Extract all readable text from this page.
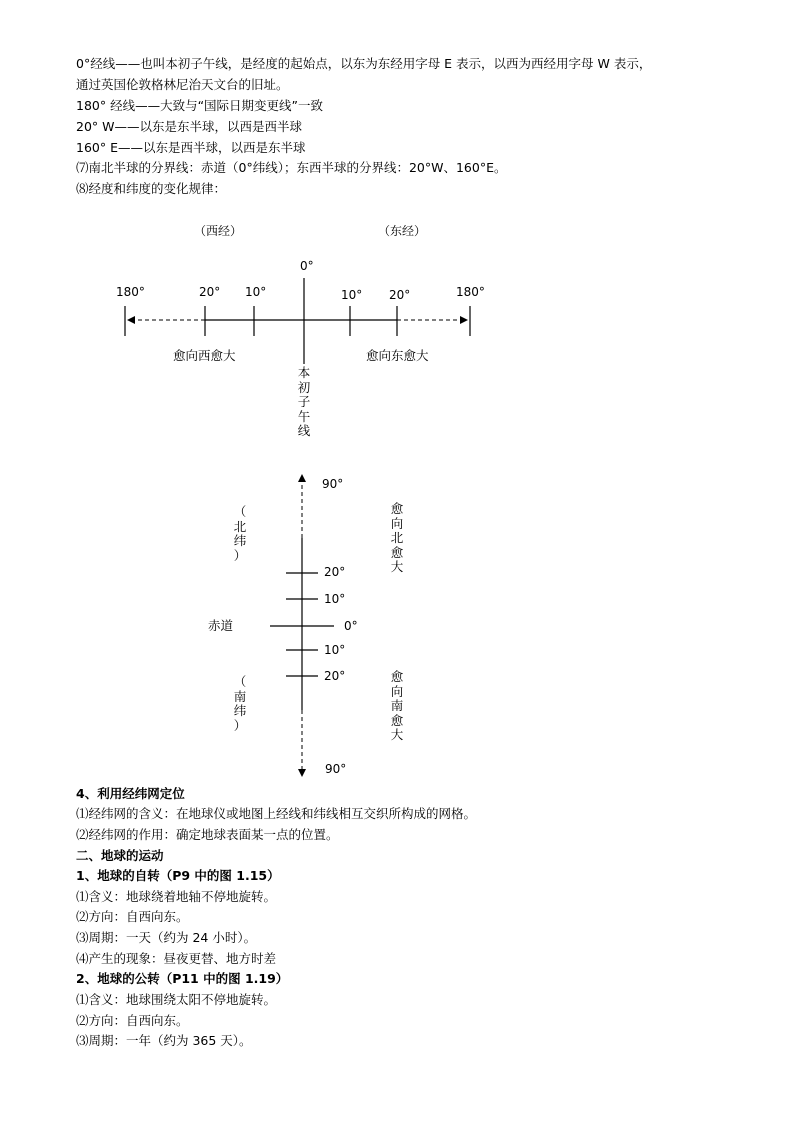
0°经线——也叫本初子午线，是经度的起始点，以东为东经用字母 E 表示，以西为西经用字母 W 表示，
通过英国伦敦格林尼治天文台的旧址。
180° 经线——大致与“国际日期变更线”一致
20° W——以东是东半球，以西是西半球
160° E——以东是西半球，以西是东半球
⑺南北半球的分界线：赤道（0°纬线）；东西半球的分界线：20°W、160°E。
⑻经度和纬度的变化规律：
（西经）	（东经）
0°
180°	20° 10°	10° 20°	180°
愈向西愈大	愈向东愈大
本
初
子
午
线
90°
20°
10°
0°
10°
20°
90°
赤道
（
北
纬
）
（
南
纬
）
愈
向
北
愈
大
愈
向
南
愈
大
4、利用经纬网定位
⑴经纬网的含义：在地球仪或地图上经线和纬线相互交织所构成的网格。
⑵经纬网的作用：确定地球表面某一点的位置。
二、地球的运动
1、地球的自转（P9 中的图 1.15）
⑴含义：地球绕着地轴不停地旋转。
⑵方向：自西向东。
⑶周期：一天（约为 24 小时）。
⑷产生的现象：昼夜更替、地方时差
2、地球的公转（P11 中的图 1.19）
⑴含义：地球围绕太阳不停地旋转。
⑵方向：自西向东。
⑶周期：一年（约为 365 天）。
